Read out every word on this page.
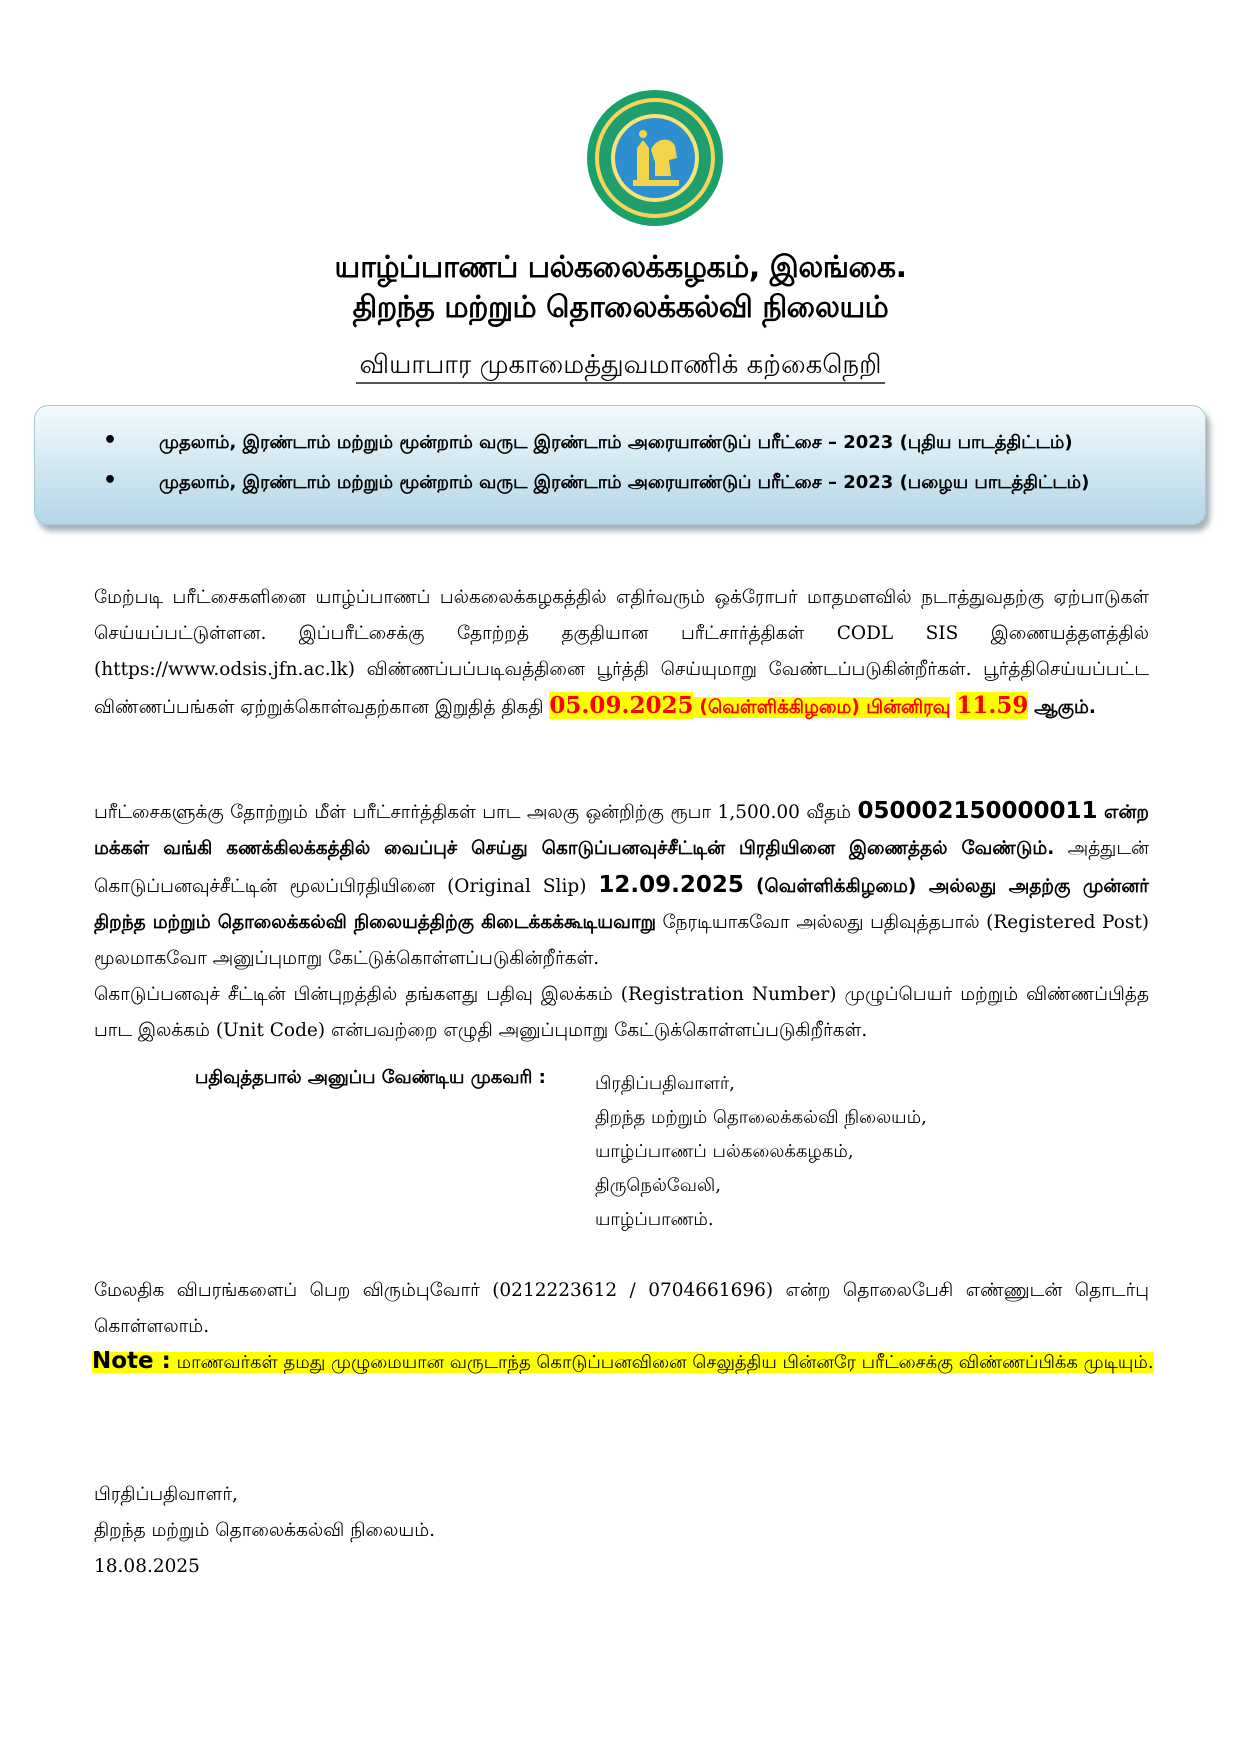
யாழ்ப்பாணப் பல்கலைக்கழகம், இலங்கை.
திறந்த மற்றும் தொலைக்கல்வி நிலையம்
வியாபார முகாமைத்துவமாணிக் கற்கைநெறி
• முதலாம், இரண்டாம் மற்றும் மூன்றாம் வருட இரண்டாம் அரையாண்டுப் பரீட்சை – 2023 (புதிய பாடத்திட்டம்)
• முதலாம், இரண்டாம் மற்றும் மூன்றாம் வருட இரண்டாம் அரையாண்டுப் பரீட்சை – 2023 (பழைய பாடத்திட்டம்)
மேற்படி பரீட்சைகளினை யாழ்ப்பாணப் பல்கலைக்கழகத்தில் எதிர்வரும் ஒக்ரோபர் மாதமளவில் நடாத்துவதற்கு ஏற்பாடுகள் செய்யப்பட்டுள்ளன. இப்பரீட்சைக்கு தோற்றத் தகுதியான பரீட்சார்த்திகள் CODL SIS இணையத்தளத்தில் (https://www.odsis.jfn.ac.lk) விண்ணப்பப்படிவத்தினை பூர்த்தி செய்யுமாறு வேண்டப்படுகின்றீர்கள். பூர்த்திசெய்யப்பட்ட விண்ணப்பங்கள் ஏற்றுக்கொள்வதற்கான இறுதித் திகதி 05.09.2025 (வெள்ளிக்கிழமை) பின்னிரவு 11.59 ஆகும்.
பரீட்சைகளுக்கு தோற்றும் மீள் பரீட்சார்த்திகள் பாட அலகு ஒன்றிற்கு ரூபா 1,500.00 வீதம் 050002150000011 என்ற மக்கள் வங்கி கணக்கிலக்கத்தில் வைப்புச் செய்து கொடுப்பனவுச்சீட்டின் பிரதியினை இணைத்தல் வேண்டும். அத்துடன் கொடுப்பனவுச்சீட்டின் மூலப்பிரதியினை (Original Slip) 12.09.2025 (வெள்ளிக்கிழமை) அல்லது அதற்கு முன்னர் திறந்த மற்றும் தொலைக்கல்வி நிலையத்திற்கு கிடைக்கக்கூடியவாறு நேரடியாகவோ அல்லது பதிவுத்தபால் (Registered Post) மூலமாகவோ அனுப்புமாறு கேட்டுக்கொள்ளப்படுகின்றீர்கள்.
கொடுப்பனவுச் சீட்டின் பின்புறத்தில் தங்களது பதிவு இலக்கம் (Registration Number) முழுப்பெயர் மற்றும் விண்ணப்பித்த பாட இலக்கம் (Unit Code) என்பவற்றை எழுதி அனுப்புமாறு கேட்டுக்கொள்ளப்படுகிறீர்கள்.
பதிவுத்தபால் அனுப்ப வேண்டிய முகவரி :	பிரதிப்பதிவாளர்,
திறந்த மற்றும் தொலைக்கல்வி நிலையம்,
யாழ்ப்பாணப் பல்கலைக்கழகம்,
திருநெல்வேலி,
யாழ்ப்பாணம்.
மேலதிக விபரங்களைப் பெற விரும்புவோர் (0212223612 / 0704661696) என்ற தொலைபேசி எண்ணுடன் தொடர்பு கொள்ளலாம்.
Note : மாணவர்கள் தமது முழுமையான வருடாந்த கொடுப்பனவினை செலுத்திய பின்னரே பரீட்சைக்கு விண்ணப்பிக்க முடியும்.
பிரதிப்பதிவாளர்,
திறந்த மற்றும் தொலைக்கல்வி நிலையம்.
18.08.2025
